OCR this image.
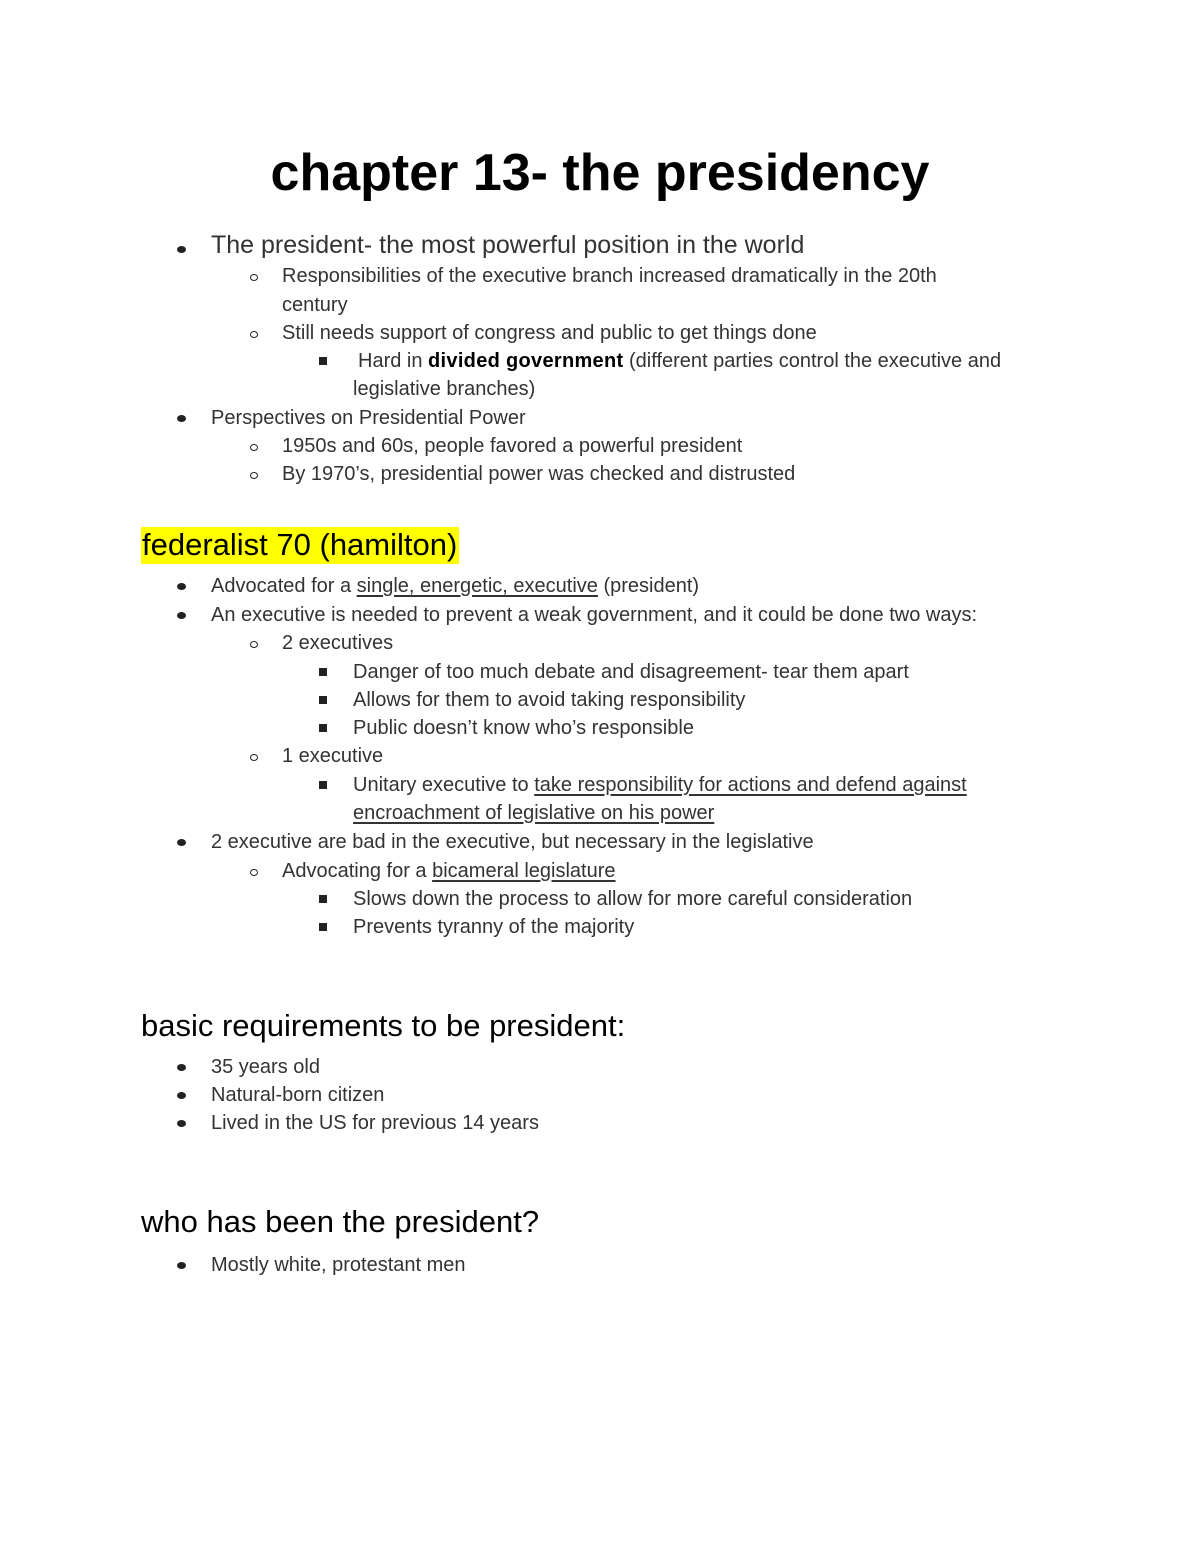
chapter 13- the presidency
The president- the most powerful position in the world
Responsibilities of the executive branch increased dramatically in the 20th
century
Still needs support of congress and public to get things done
Hard in divided government (different parties control the executive and
legislative branches)
Perspectives on Presidential Power
1950s and 60s, people favored a powerful president
By 1970’s, presidential power was checked and distrusted
federalist 70 (hamilton)
Advocated for a single, energetic, executive (president)
An executive is needed to prevent a weak government, and it could be done two ways:
2 executives
Danger of too much debate and disagreement- tear them apart
Allows for them to avoid taking responsibility
Public doesn’t know who’s responsible
1 executive
Unitary executive to take responsibility for actions and defend against
encroachment of legislative on his power
2 executive are bad in the executive, but necessary in the legislative
Advocating for a bicameral legislature
Slows down the process to allow for more careful consideration
Prevents tyranny of the majority
basic requirements to be president:
35 years old
Natural-born citizen
Lived in the US for previous 14 years
who has been the president?
Mostly white, protestant men
